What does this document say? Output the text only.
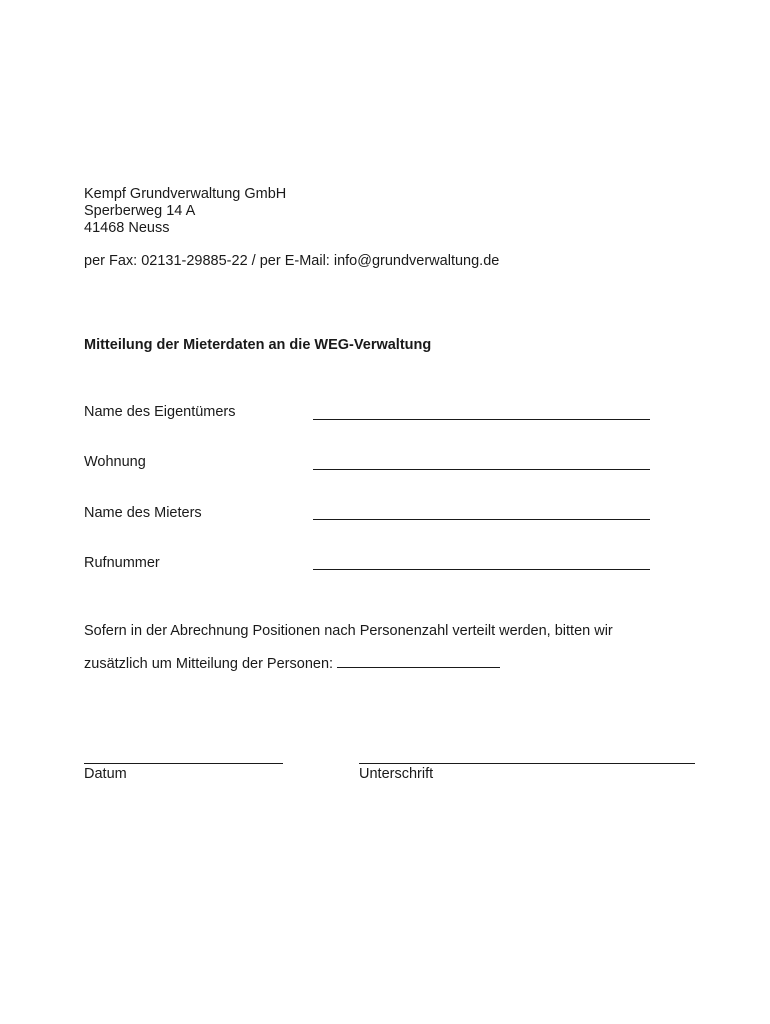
Kempf Grundverwaltung GmbH
Sperberweg 14 A
41468 Neuss
per Fax: 02131-29885-22 / per E-Mail: info@grundverwaltung.de
Mitteilung der Mieterdaten an die WEG-Verwaltung
Name des Eigentümers
Wohnung
Name des Mieters
Rufnummer
Sofern in der Abrechnung Positionen nach Personenzahl verteilt werden, bitten wir
zusätzlich um Mitteilung der Personen:
Datum	Unterschrift
